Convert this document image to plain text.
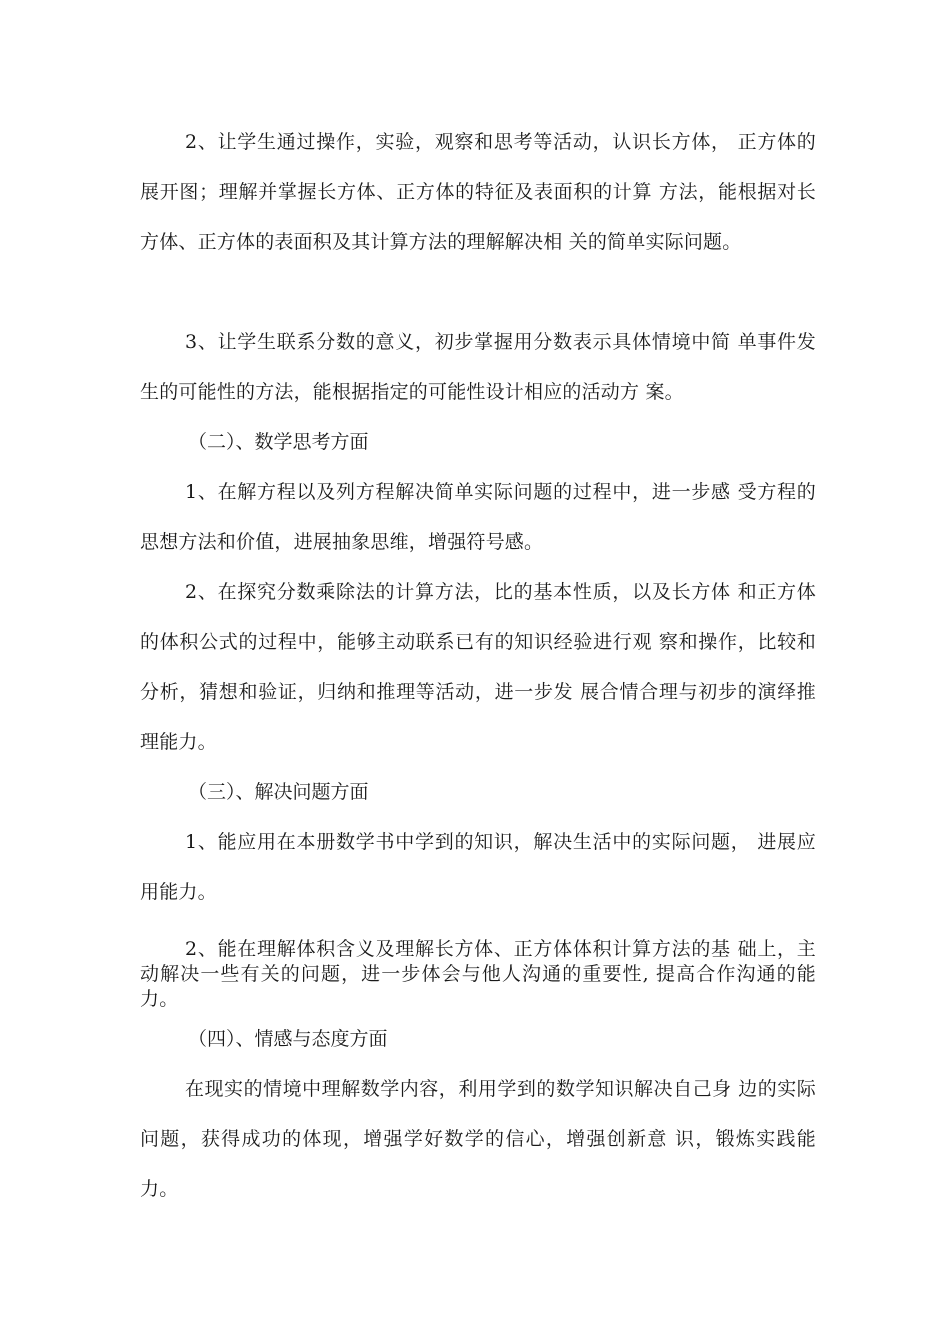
2、让学生通过操作，实验，观察和思考等活动，认识长方体， 正方体的展开图；理解并掌握长方体、正方体的特征及表面积的计算 方法，能根据对长方体、正方体的表面积及其计算方法的理解解决相 关的简单实际问题。

3、让学生联系分数的意义，初步掌握用分数表示具体情境中简 单事件发生的可能性的方法，能根据指定的可能性设计相应的活动方 案。

（二）、数学思考方面

1、在解方程以及列方程解决简单实际问题的过程中，进一步感 受方程的思想方法和价值，进展抽象思维，增强符号感。

2、在探究分数乘除法的计算方法，比的基本性质，以及长方体 和正方体的体积公式的过程中，能够主动联系已有的知识经验进行观 察和操作，比较和分析，猜想和验证，归纳和推理等活动，进一步发 展合情合理与初步的演绎推理能力。

（三）、解决问题方面

1、能应用在本册数学书中学到的知识，解决生活中的实际问题， 进展应用能力。

2、能在理解体积含义及理解长方体、正方体体积计算方法的基 础上，主动解决一些有关的问题，进一步体会与他人沟通的重要性, 提高合作沟通的能力。

（四）、情感与态度方面

在现实的情境中理解数学内容，利用学到的数学知识解决自己身 边的实际问题，获得成功的体现，增强学好数学的信心，增强创新意 识，锻炼实践能力。
